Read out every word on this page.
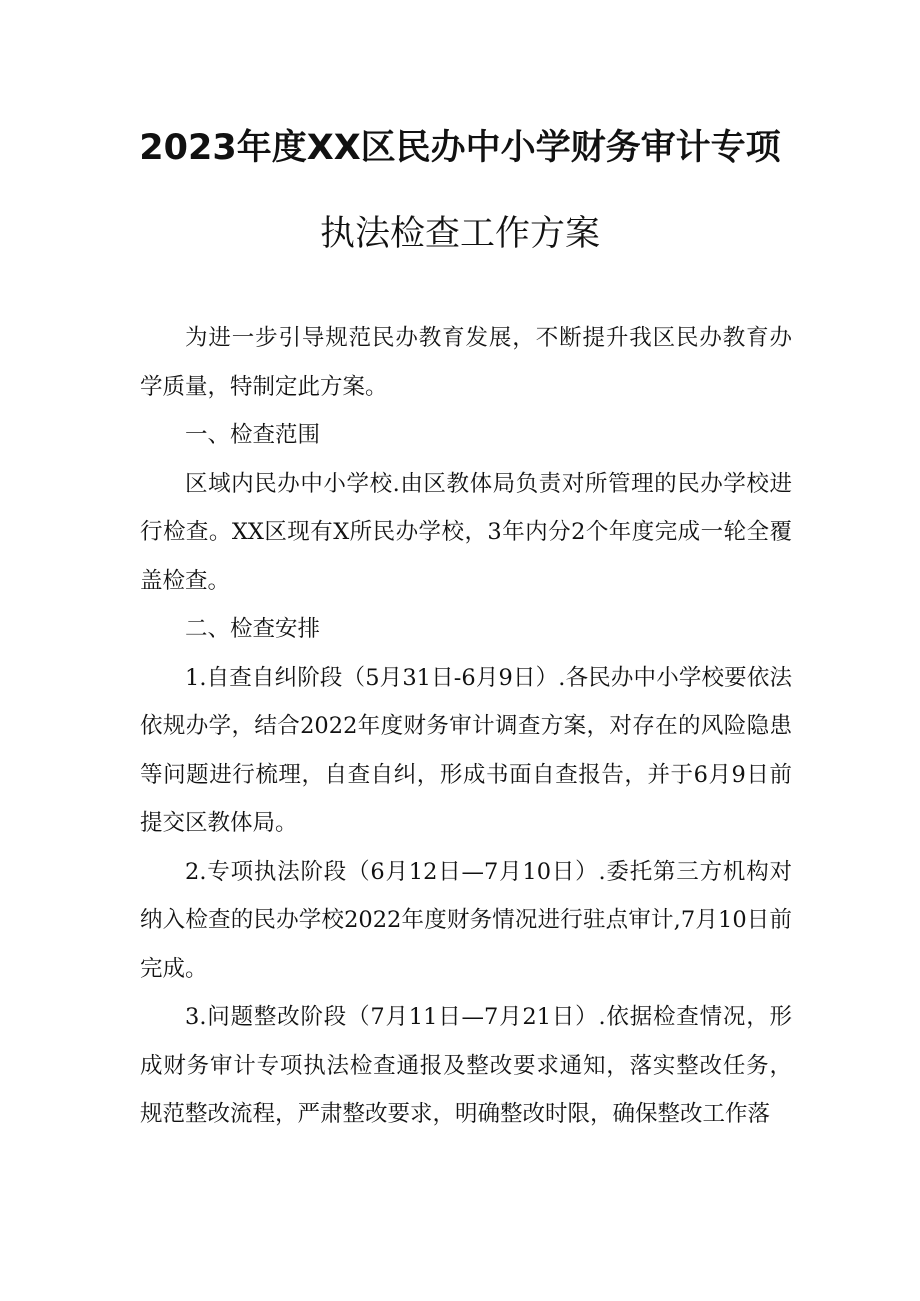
2023年度XX区民办中小学财务审计专项
执法检查工作方案

为进一步引导规范民办教育发展，不断提升我区民办教育办学质量，特制定此方案。

一、检查范围

区域内民办中小学校.由区教体局负责对所管理的民办学校进行检查。XX区现有X所民办学校，3年内分2个年度完成一轮全覆盖检查。

二、检查安排

1.自查自纠阶段（5月31日-6月9日）.各民办中小学校要依法依规办学，结合2022年度财务审计调查方案，对存在的风险隐患等问题进行梳理，自查自纠，形成书面自查报告，并于6月9日前提交区教体局。

2.专项执法阶段（6月12日—7月10日）.委托第三方机构对纳入检查的民办学校2022年度财务情况进行驻点审计,7月10日前完成。

3.问题整改阶段（7月11日—7月21日）.依据检查情况，形成财务审计专项执法检查通报及整改要求通知，落实整改任务，规范整改流程，严肃整改要求，明确整改时限，确保整改工作落
